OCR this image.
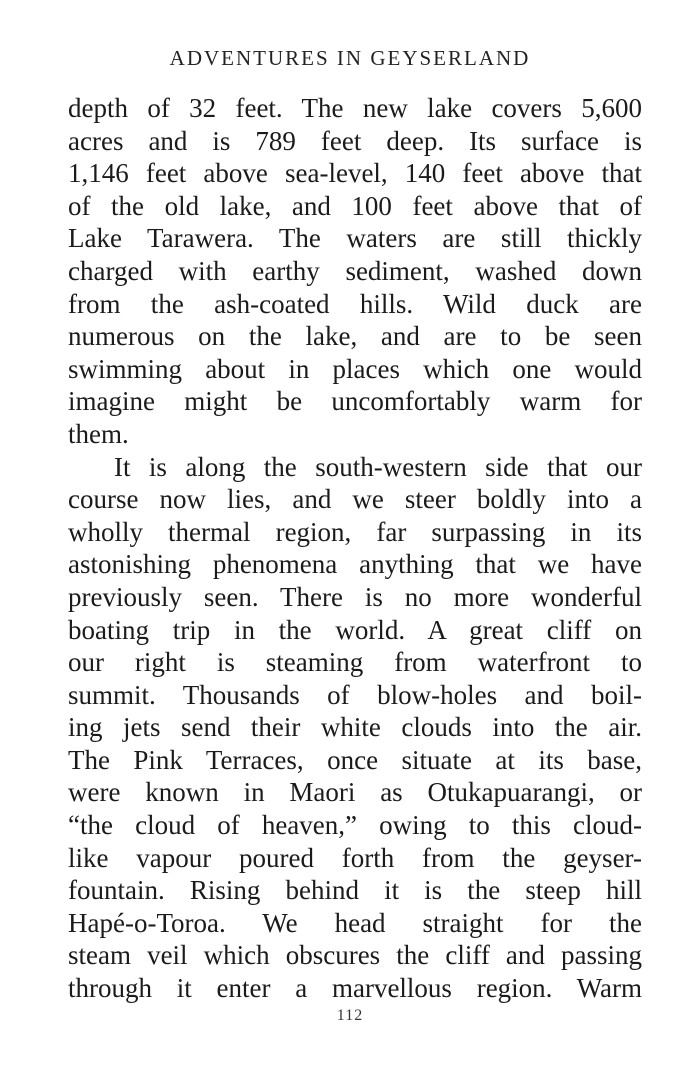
ADVENTURES IN GEYSERLAND
depth of 32 feet. The new lake covers 5,600
acres and is 789 feet deep. Its surface is
1,146 feet above sea-level, 140 feet above that
of the old lake, and 100 feet above that of
Lake Tarawera. The waters are still thickly
charged with earthy sediment, washed down
from the ash-coated hills. Wild duck are
numerous on the lake, and are to be seen
swimming about in places which one would
imagine might be uncomfortably warm for
them.
It is along the south-western side that our
course now lies, and we steer boldly into a
wholly thermal region, far surpassing in its
astonishing phenomena anything that we have
previously seen. There is no more wonderful
boating trip in the world. A great cliff on
our right is steaming from waterfront to
summit. Thousands of blow-holes and boil-
ing jets send their white clouds into the air.
The Pink Terraces, once situate at its base,
were known in Maori as Otukapuarangi, or
“the cloud of heaven,” owing to this cloud-
like vapour poured forth from the geyser-
fountain. Rising behind it is the steep hill
Hapé-o-Toroa. We head straight for the
steam veil which obscures the cliff and passing
through it enter a marvellous region. Warm
112
